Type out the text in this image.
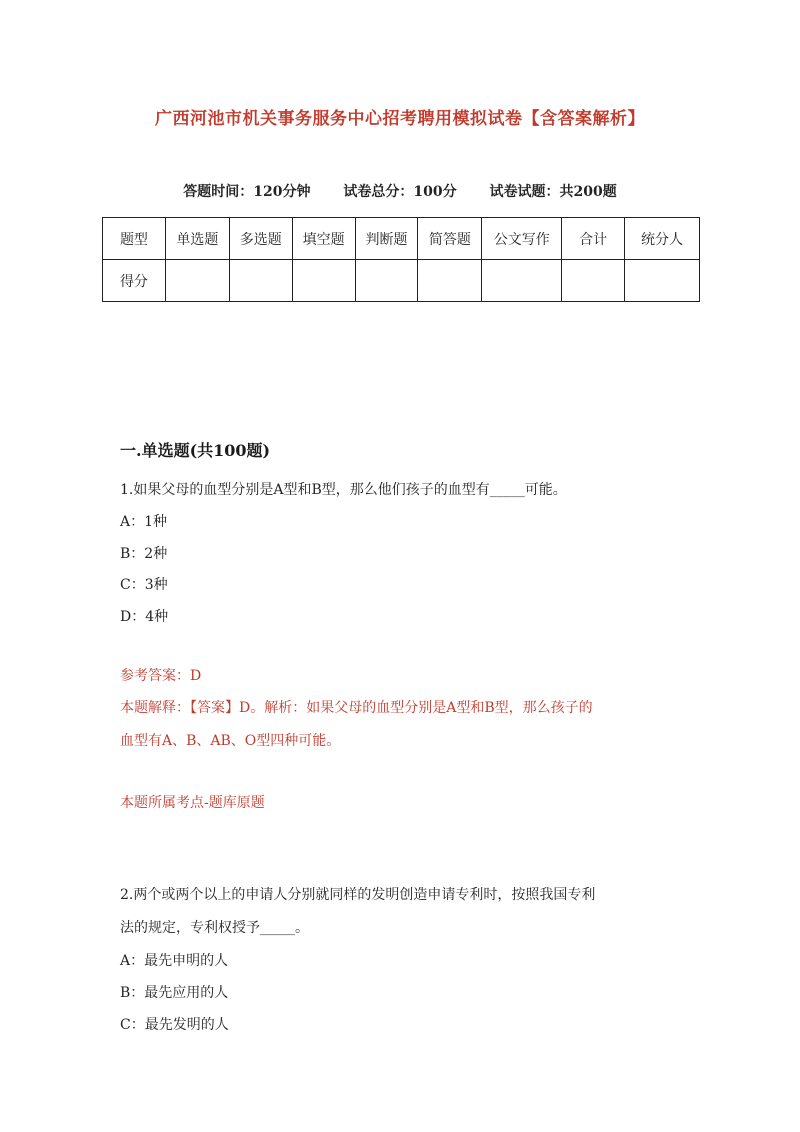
广西河池市机关事务服务中心招考聘用模拟试卷【含答案解析】
答题时间：120分钟 试卷总分：100分 试卷试题：共200题
题型	单选题	多选题	填空题	判断题	简答题	公文写作	合计	统分人
得分								
一.单选题(共100题)
1.如果父母的血型分别是A型和B型，那么他们孩子的血型有_____可能。
A：1种
B：2种
C：3种
D：4种
参考答案：D
本题解释：【答案】D。解析：如果父母的血型分别是A型和B型，那么孩子的
血型有A、B、AB、O型四种可能。
本题所属考点-题库原题
2.两个或两个以上的申请人分别就同样的发明创造申请专利时，按照我国专利
法的规定，专利权授予_____。
A：最先申明的人
B：最先应用的人
C：最先发明的人
